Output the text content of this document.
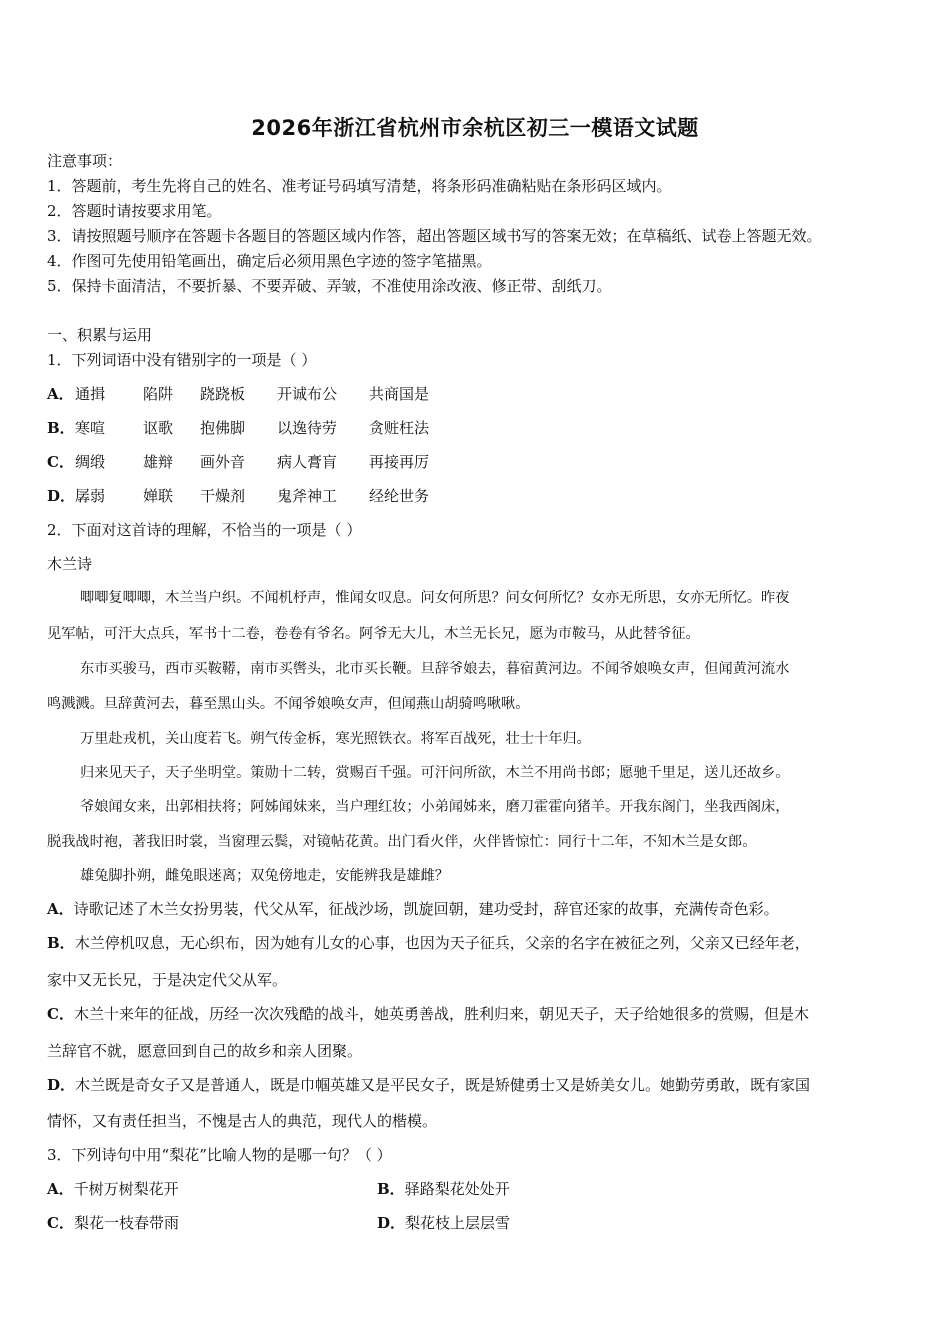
2026年浙江省杭州市余杭区初三一模语文试题
注意事项：
1．答题前，考生先将自己的姓名、准考证号码填写清楚，将条形码准确粘贴在条形码区域内。
2．答题时请按要求用笔。
3．请按照题号顺序在答题卡各题目的答题区域内作答，超出答题区域书写的答案无效；在草稿纸、试卷上答题无效。
4．作图可先使用铅笔画出，确定后必须用黑色字迹的签字笔描黑。
5．保持卡面清洁，不要折暴、不要弄破、弄皱，不准使用涂改液、修正带、刮纸刀。
一、积累与运用
1．下列词语中没有错别字的一项是（ ）
A．通揖	陷阱 跷跷板 开诚布公 共商国是
B．寒喧	讴歌 抱佛脚 以逸待劳 贪赃枉法
C．绸缎	雄辩 画外音 病人膏肓 再接再厉
D．孱弱	婵联 干燥剂 鬼斧神工 经纶世务
2．下面对这首诗的理解，不恰当的一项是（ ）
木兰诗
唧唧复唧唧，木兰当户织。不闻机杼声，惟闻女叹息。问女何所思？问女何所忆？女亦无所思，女亦无所忆。昨夜
见军帖，可汗大点兵，军书十二卷，卷卷有爷名。阿爷无大儿，木兰无长兄，愿为市鞍马，从此替爷征。
东市买骏马，西市买鞍鞯，南市买辔头，北市买长鞭。旦辞爷娘去，暮宿黄河边。不闻爷娘唤女声，但闻黄河流水
鸣溅溅。旦辞黄河去，暮至黑山头。不闻爷娘唤女声，但闻燕山胡骑鸣啾啾。
万里赴戎机，关山度若飞。朔气传金柝，寒光照铁衣。将军百战死，壮士十年归。
归来见天子，天子坐明堂。策勋十二转，赏赐百千强。可汗问所欲，木兰不用尚书郎；愿驰千里足，送儿还故乡。
爷娘闻女来，出郭相扶将；阿姊闻妹来，当户理红妆；小弟闻姊来，磨刀霍霍向猪羊。开我东阁门，坐我西阁床，
脱我战时袍，著我旧时裳，当窗理云鬓，对镜帖花黄。出门看火伴，火伴皆惊忙：同行十二年，不知木兰是女郎。
雄兔脚扑朔，雌兔眼迷离；双兔傍地走，安能辨我是雄雌？
A．诗歌记述了木兰女扮男装，代父从军，征战沙场，凯旋回朝，建功受封，辞官还家的故事，充满传奇色彩。
B．木兰停机叹息，无心织布，因为她有儿女的心事，也因为天子征兵，父亲的名字在被征之列，父亲又已经年老，
家中又无长兄，于是决定代父从军。
C．木兰十来年的征战，历经一次次残酷的战斗，她英勇善战，胜利归来，朝见天子，天子给她很多的赏赐，但是木
兰辞官不就，愿意回到自己的故乡和亲人团聚。
D．木兰既是奇女子又是普通人，既是巾帼英雄又是平民女子，既是矫健勇士又是娇美女儿。她勤劳勇敢，既有家国
情怀，又有责任担当，不愧是古人的典范，现代人的楷模。
3．下列诗句中用“梨花”比喻人物的是哪一句？（ ）
A．千树万树梨花开	B．驿路梨花处处开
C．梨花一枝春带雨	D．梨花枝上层层雪
